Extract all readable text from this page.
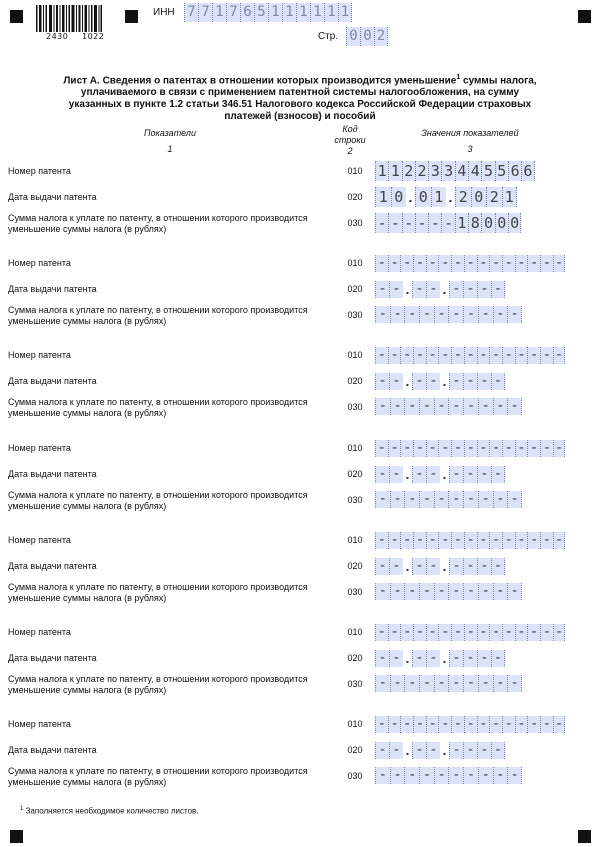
2430 1022
ИНН 7 7 1 7 6 5 1 1 1 1 1 1
Стр. 0 0 2
Лист А. Сведения о патентах в отношении которых производится уменьшение$^1$ суммы налога,
уплачиваемого в связи с применением патентной системы налогообложения, на сумму
указанных в пункте 1.2 статьи 346.51 Налогового кодекса Российской Федерации страховых
платежей (взносов) и пособий
Показатели
1
Код
строки
2
Значения показателей
3
Номер патента	010 1 1 2 2 3 3 4 4 5 5 6 6
Дата выдачи патента	020 1 0 . 0 1 . 2 0 2 1
Сумма налога к уплате по патенту, в отношении которого производится
уменьшение суммы налога (в рублях)
030 - - - - - - 1 8 0 0 0
Номер патента	010 - - - - - - - - - - - - - - -
Дата выдачи патента	020 - - . - - . - - - -
Сумма налога к уплате по патенту, в отношении которого производится
уменьшение суммы налога (в рублях)
030 - - - - - - - - - -
Номер патента	010 - - - - - - - - - - - - - - -
Дата выдачи патента	020 - - . - - . - - - -
Сумма налога к уплате по патенту, в отношении которого производится
уменьшение суммы налога (в рублях)
030 - - - - - - - - - -
Номер патента	010 - - - - - - - - - - - - - - -
Дата выдачи патента	020 - - . - - . - - - -
Сумма налога к уплате по патенту, в отношении которого производится
уменьшение суммы налога (в рублях)
030 - - - - - - - - - -
Номер патента	010 - - - - - - - - - - - - - - -
Дата выдачи патента	020 - - . - - . - - - -
Сумма налога к уплате по патенту, в отношении которого производится
уменьшение суммы налога (в рублях)
030 - - - - - - - - - -
Номер патента	010 - - - - - - - - - - - - - - -
Дата выдачи патента	020 - - . - - . - - - -
Сумма налога к уплате по патенту, в отношении которого производится
уменьшение суммы налога (в рублях)
030 - - - - - - - - - -
Номер патента	010 - - - - - - - - - - - - - - -
Дата выдачи патента	020 - - . - - . - - - -
Сумма налога к уплате по патенту, в отношении которого производится
уменьшение суммы налога (в рублях)
030 - - - - - - - - - -
$^1$ Заполняется необходимое количество листов.
